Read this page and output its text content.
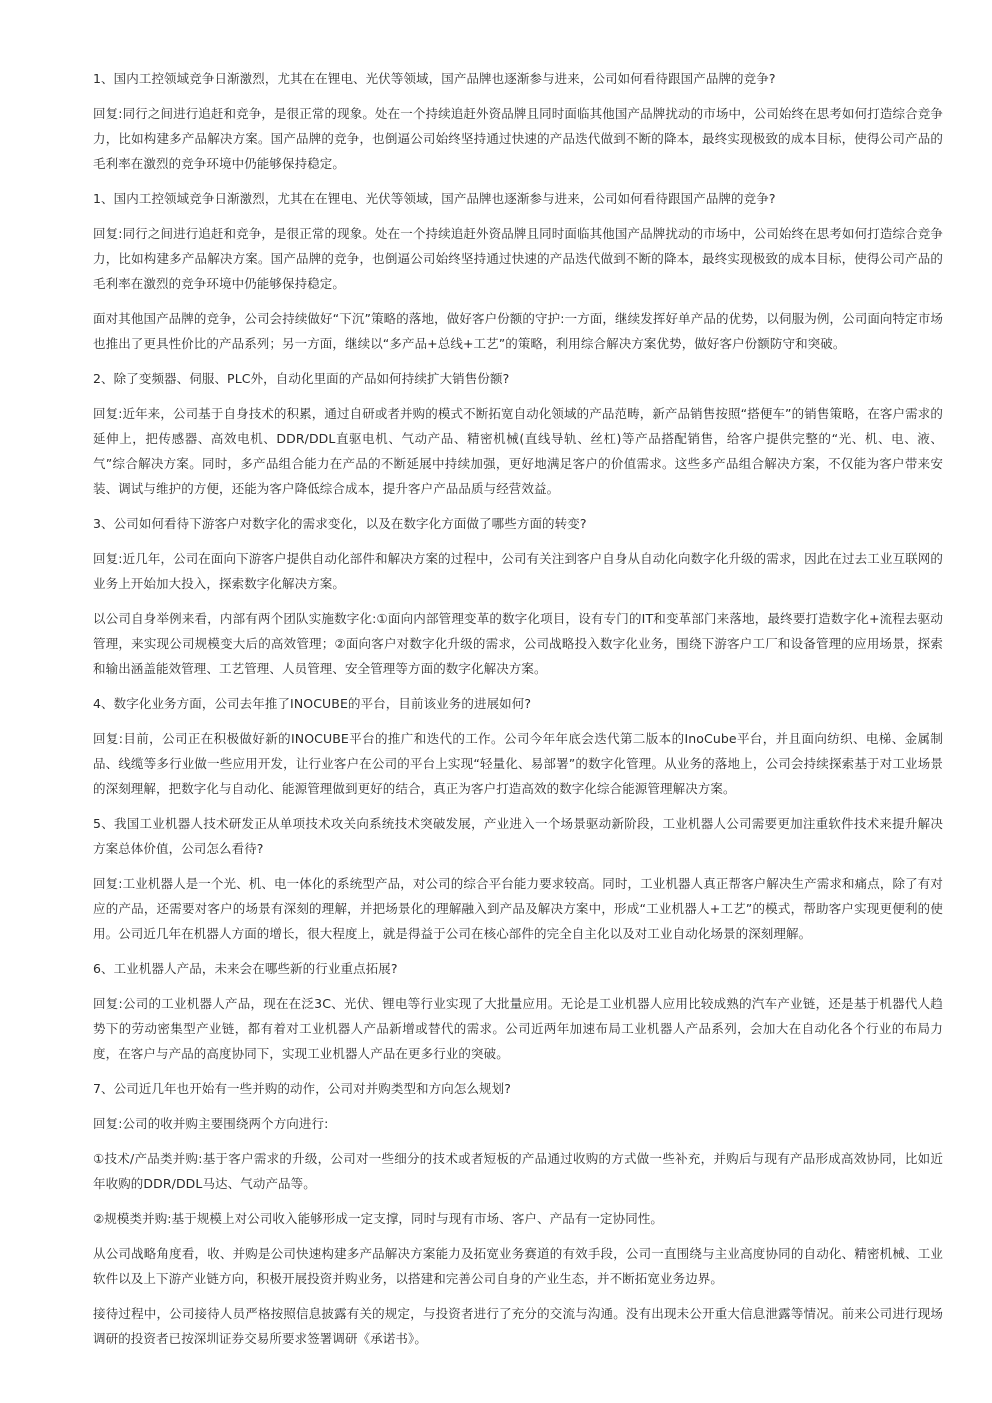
1、国内工控领域竞争日渐激烈，尤其在在锂电、光伏等领域，国产品牌也逐渐参与进来，公司如何看待跟国产品牌的竞争?

回复:同行之间进行追赶和竞争，是很正常的现象。处在一个持续追赶外资品牌且同时面临其他国产品牌扰动的市场中，公司始终在思考如何打造综合竞争力，比如构建多产品解决方案。国产品牌的竞争，也倒逼公司始终坚持通过快速的产品迭代做到不断的降本，最终实现极致的成本目标，使得公司产品的毛利率在激烈的竞争环境中仍能够保持稳定。

1、国内工控领域竞争日渐激烈，尤其在在锂电、光伏等领域，国产品牌也逐渐参与进来，公司如何看待跟国产品牌的竞争?

回复:同行之间进行追赶和竞争，是很正常的现象。处在一个持续追赶外资品牌且同时面临其他国产品牌扰动的市场中，公司始终在思考如何打造综合竞争力，比如构建多产品解决方案。国产品牌的竞争，也倒逼公司始终坚持通过快速的产品迭代做到不断的降本，最终实现极致的成本目标，使得公司产品的毛利率在激烈的竞争环境中仍能够保持稳定。

面对其他国产品牌的竞争，公司会持续做好“下沉”策略的落地，做好客户份额的守护:一方面，继续发挥好单产品的优势，以伺服为例，公司面向特定市场也推出了更具性价比的产品系列；另一方面，继续以“多产品+总线+工艺”的策略，利用综合解决方案优势，做好客户份额防守和突破。

2、除了变频器、伺服、PLC外，自动化里面的产品如何持续扩大销售份额?

回复:近年来，公司基于自身技术的积累，通过自研或者并购的模式不断拓宽自动化领域的产品范畴，新产品销售按照“搭便车”的销售策略，在客户需求的延伸上，把传感器、高效电机、DDR/DDL直驱电机、气动产品、精密机械(直线导轨、丝杠)等产品搭配销售，给客户提供完整的“光、机、电、液、气”综合解决方案。同时，多产品组合能力在产品的不断延展中持续加强，更好地满足客户的价值需求。这些多产品组合解决方案，不仅能为客户带来安装、调试与维护的方便，还能为客户降低综合成本，提升客户产品品质与经营效益。

3、公司如何看待下游客户对数字化的需求变化，以及在数字化方面做了哪些方面的转变?

回复:近几年，公司在面向下游客户提供自动化部件和解决方案的过程中，公司有关注到客户自身从自动化向数字化升级的需求，因此在过去工业互联网的业务上开始加大投入，探索数字化解决方案。

以公司自身举例来看，内部有两个团队实施数字化:①面向内部管理变革的数字化项目，设有专门的IT和变革部门来落地，最终要打造数字化+流程去驱动管理，来实现公司规模变大后的高效管理；②面向客户对数字化升级的需求，公司战略投入数字化业务，围绕下游客户工厂和设备管理的应用场景，探索和输出涵盖能效管理、工艺管理、人员管理、安全管理等方面的数字化解决方案。

4、数字化业务方面，公司去年推了INOCUBE的平台，目前该业务的进展如何?

回复:目前，公司正在积极做好新的INOCUBE平台的推广和迭代的工作。公司今年年底会迭代第二版本的InoCube平台，并且面向纺织、电梯、金属制品、线缆等多行业做一些应用开发，让行业客户在公司的平台上实现“轻量化、易部署”的数字化管理。从业务的落地上，公司会持续探索基于对工业场景的深刻理解，把数字化与自动化、能源管理做到更好的结合，真正为客户打造高效的数字化综合能源管理解决方案。

5、我国工业机器人技术研发正从单项技术攻关向系统技术突破发展，产业进入一个场景驱动新阶段，工业机器人公司需要更加注重软件技术来提升解决方案总体价值，公司怎么看待?

回复:工业机器人是一个光、机、电一体化的系统型产品，对公司的综合平台能力要求较高。同时，工业机器人真正帮客户解决生产需求和痛点，除了有对应的产品，还需要对客户的场景有深刻的理解，并把场景化的理解融入到产品及解决方案中，形成“工业机器人+工艺”的模式，帮助客户实现更便利的使用。公司近几年在机器人方面的增长，很大程度上，就是得益于公司在核心部件的完全自主化以及对工业自动化场景的深刻理解。

6、工业机器人产品，未来会在哪些新的行业重点拓展?

回复:公司的工业机器人产品，现在在泛3C、光伏、锂电等行业实现了大批量应用。无论是工业机器人应用比较成熟的汽车产业链，还是基于机器代人趋势下的劳动密集型产业链，都有着对工业机器人产品新增或替代的需求。公司近两年加速布局工业机器人产品系列，会加大在自动化各个行业的布局力度，在客户与产品的高度协同下，实现工业机器人产品在更多行业的突破。

7、公司近几年也开始有一些并购的动作，公司对并购类型和方向怎么规划?

回复:公司的收并购主要围绕两个方向进行:

①技术/产品类并购:基于客户需求的升级，公司对一些细分的技术或者短板的产品通过收购的方式做一些补充，并购后与现有产品形成高效协同，比如近年收购的DDR/DDL马达、气动产品等。

②规模类并购:基于规模上对公司收入能够形成一定支撑，同时与现有市场、客户、产品有一定协同性。

从公司战略角度看，收、并购是公司快速构建多产品解决方案能力及拓宽业务赛道的有效手段，公司一直围绕与主业高度协同的自动化、精密机械、工业软件以及上下游产业链方向，积极开展投资并购业务，以搭建和完善公司自身的产业生态，并不断拓宽业务边界。

接待过程中，公司接待人员严格按照信息披露有关的规定，与投资者进行了充分的交流与沟通。没有出现未公开重大信息泄露等情况。前来公司进行现场调研的投资者已按深圳证券交易所要求签署调研《承诺书》。
